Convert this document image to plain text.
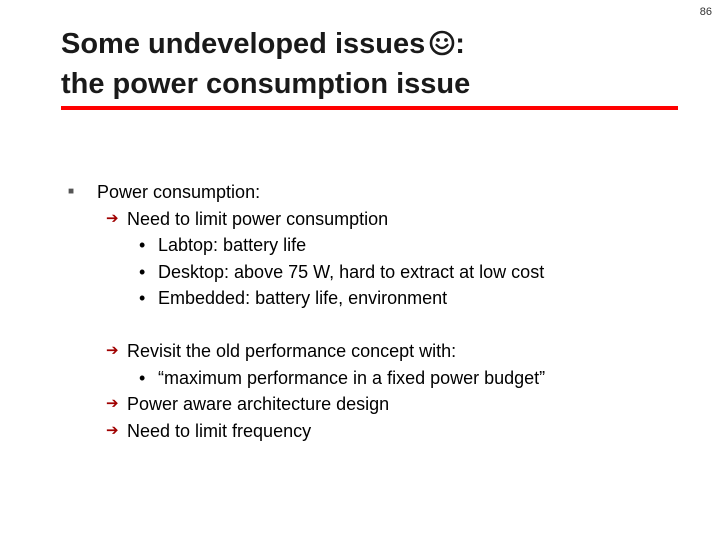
86
Some undeveloped issues :
the power consumption issue
■ Power consumption:
➔ Need to limit power consumption
• Labtop: battery life
• Desktop: above 75 W, hard to extract at low cost
• Embedded: battery life, environment
➔ Revisit the old performance concept with:
• “maximum performance in a fixed power budget”
➔ Power aware architecture design
➔ Need to limit frequency
